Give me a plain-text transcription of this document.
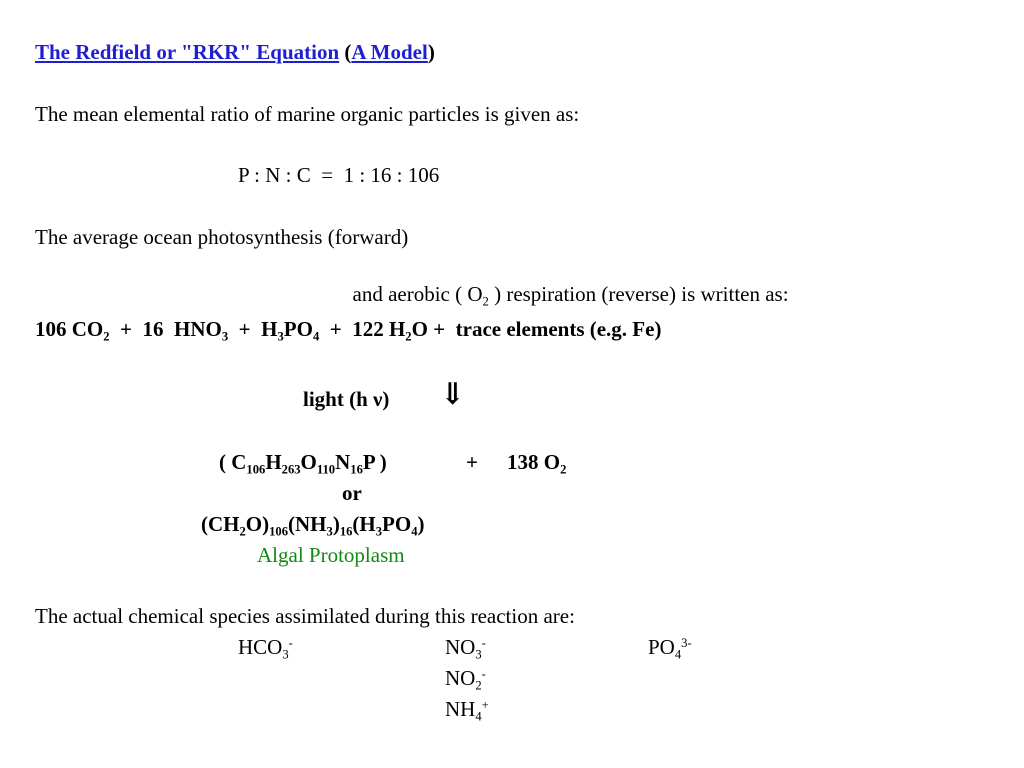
The Redfield or "RKR" Equation (A Model)
The mean elemental ratio of marine organic particles is given as:
P : N : C  =  1 : 16 : 106
The average ocean photosynthesis (forward)

and aerobic ( $O_2$ ) respiration (reverse) is written as:

106 $CO_2 + 16$  $HNO_3 + H_3PO_4 + 122$ $H_2O$ +  trace elements (e.g. Fe)
light (h ν) ⇓
( $C_{106}H_{263}O_{110}N_{16}P$ )	+ 138 $O_2$
or
$(CH_2O)_{106}(NH_3)_{16}(H_3PO_4)$
Algal Protoplasm
The actual chemical species assimilated during this reaction are:
$HCO_3^-$	$NO_3^-$	$PO_4^{3-}$
$NO_2^-$
$NH_4^+$
